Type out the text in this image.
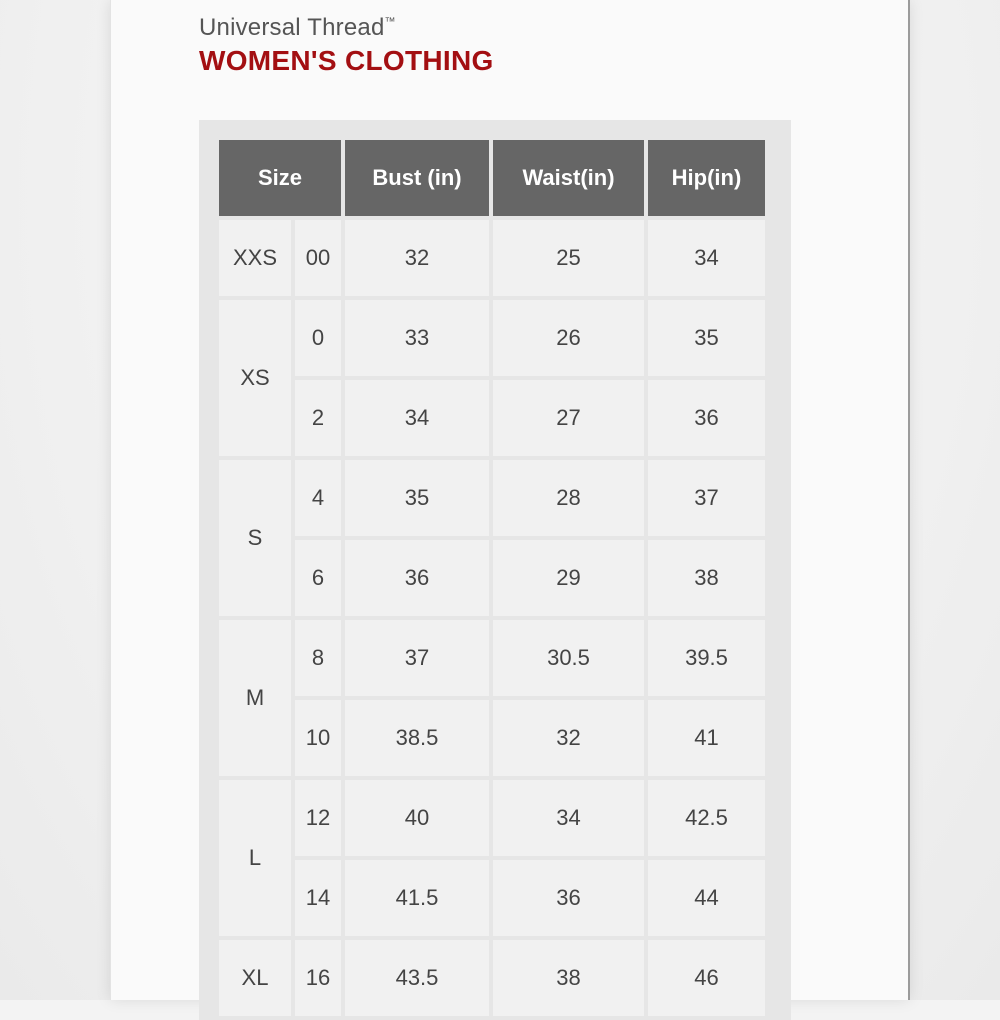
Universal Thread™
WOMEN'S CLOTHING
Size		Bust (in)	Waist(in)	Hip(in)
XXS	00	32	25	34
XS	0	33	26	35
	2	34	27	36
S	4	35	28	37
	6	36	29	38
M	8	37	30.5	39.5
	10	38.5	32	41
L	12	40	34	42.5
	14	41.5	36	44
XL	16	43.5	38	46
